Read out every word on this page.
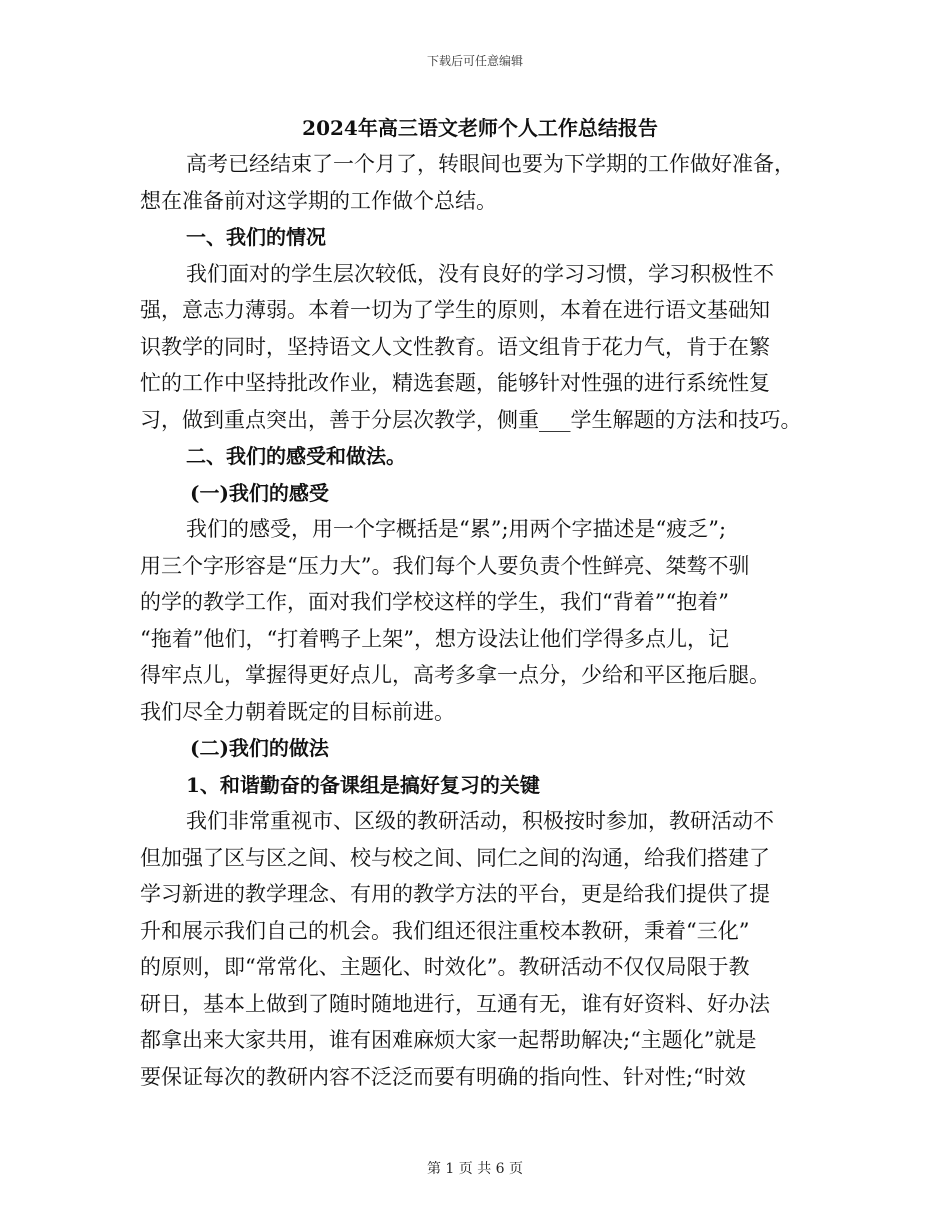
下载后可任意编辑
2024年高三语文老师个人工作总结报告

高考已经结束了一个月了，转眼间也要为下学期的工作做好准备，
想在准备前对这学期的工作做个总结。

一、我们的情况

我们面对的学生层次较低，没有良好的学习习惯，学习积极性不
强，意志力薄弱。本着一切为了学生的原则，本着在进行语文基础知
识教学的同时，坚持语文人文性教育。语文组肯于花力气，肯于在繁
忙的工作中坚持批改作业，精选套题，能够针对性强的进行系统性复
习，做到重点突出，善于分层次教学，侧重___学生解题的方法和技巧。

二、我们的感受和做法。
(一)我们的感受

我们的感受，用一个字概括是“累”;用两个字描述是“疲乏”;
用三个字形容是“压力大”。我们每个人要负责个性鲜亮、桀骜不驯
的学的教学工作，面对我们学校这样的学生，我们“背着”“抱着”
“拖着”他们，“打着鸭子上架”，想方设法让他们学得多点儿，记
得牢点儿，掌握得更好点儿，高考多拿一点分，少给和平区拖后腿。
我们尽全力朝着既定的目标前进。

(二)我们的做法
1、和谐勤奋的备课组是搞好复习的关键

我们非常重视市、区级的教研活动，积极按时参加，教研活动不
但加强了区与区之间、校与校之间、同仁之间的沟通，给我们搭建了
学习新进的教学理念、有用的教学方法的平台，更是给我们提供了提
升和展示我们自己的机会。我们组还很注重校本教研，秉着“三化”
的原则，即“常常化、主题化、时效化”。教研活动不仅仅局限于教
研日，基本上做到了随时随地进行，互通有无，谁有好资料、好办法
都拿出来大家共用，谁有困难麻烦大家一起帮助解决;“主题化”就是
要保证每次的教研内容不泛泛而要有明确的指向性、针对性;“时效

第 1 页 共 6 页
